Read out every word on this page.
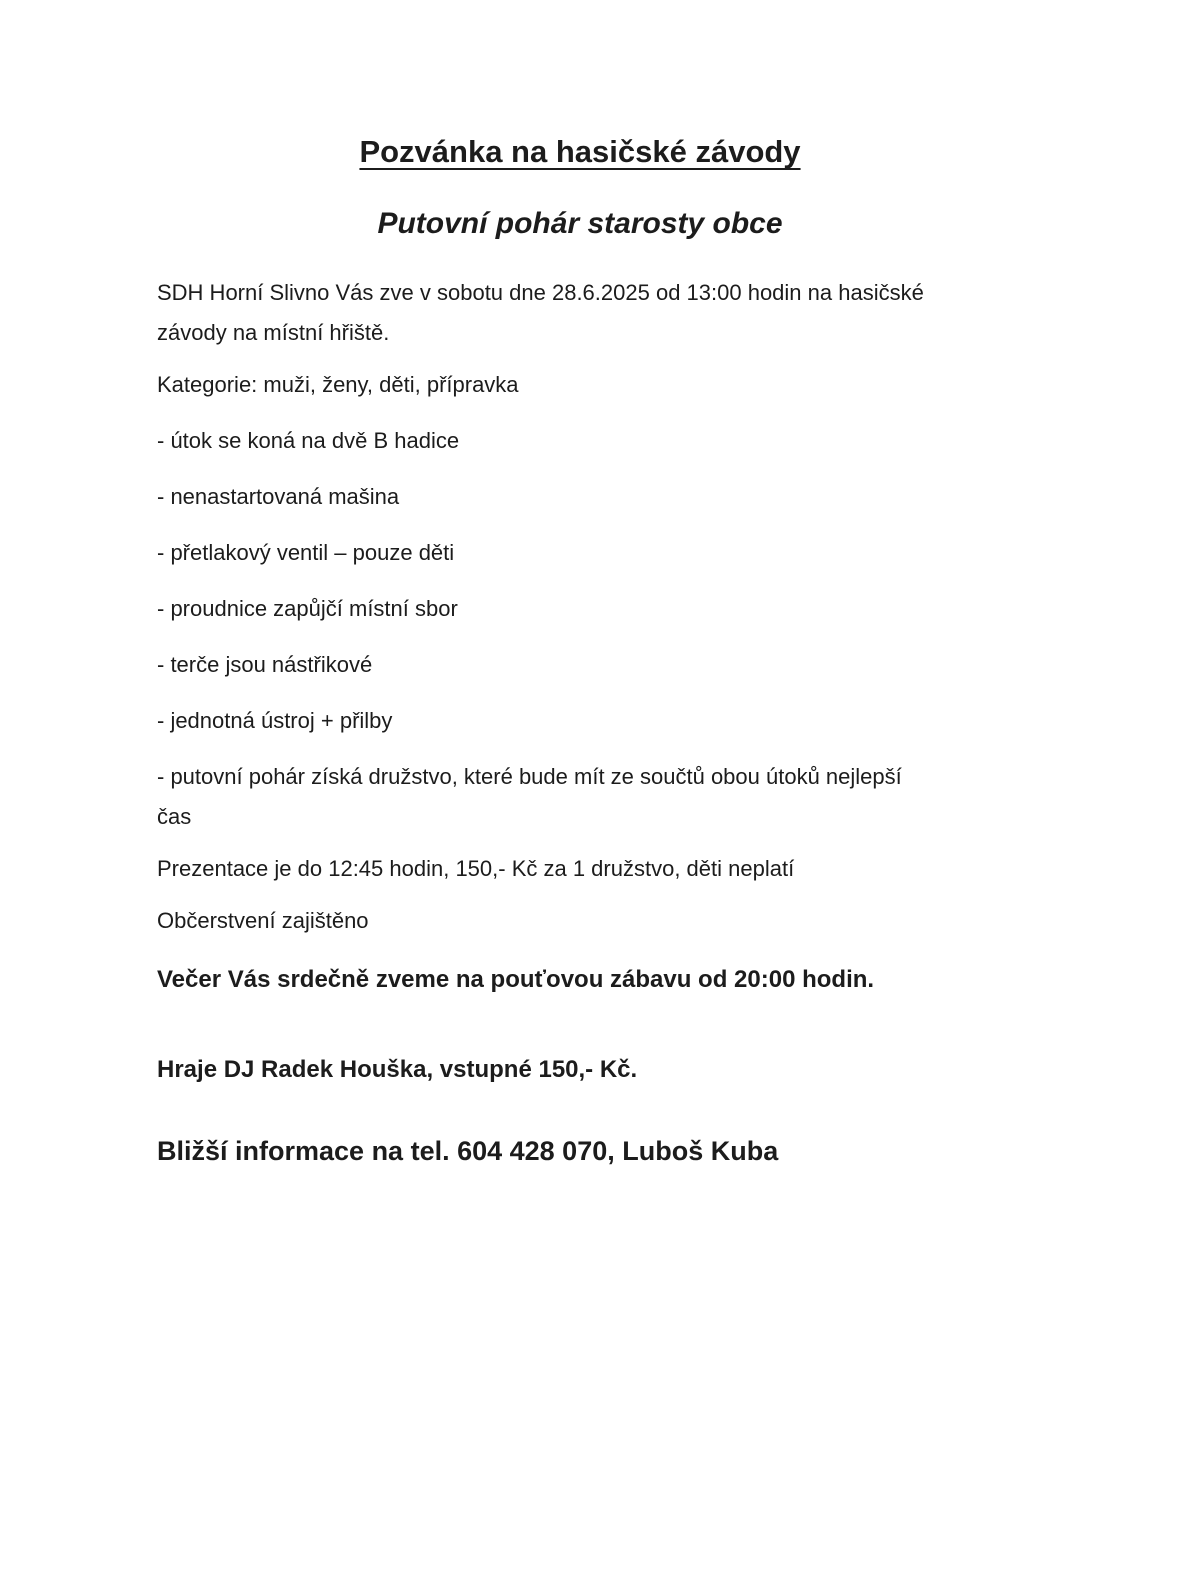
Pozvánka na hasičské závody
Putovní pohár starosty obce

SDH Horní Slivno Vás zve v sobotu dne 28.6.2025 od 13:00 hodin na hasičské
závody na místní hřiště.

Kategorie: muži, ženy, děti, přípravka

- útok se koná na dvě B hadice

- nenastartovaná mašina

- přetlakový ventil – pouze děti

- proudnice zapůjčí místní sbor

- terče jsou nástřikové

- jednotná ústroj + přilby

- putovní pohár získá družstvo, které bude mít ze součtů obou útoků nejlepší
čas

Prezentace je do 12:45 hodin, 150,- Kč za 1 družstvo, děti neplatí

Občerstvení zajištěno

Večer Vás srdečně zveme na pouťovou zábavu od 20:00 hodin.

Hraje DJ Radek Houška, vstupné 150,- Kč.

Bližší informace na tel. 604 428 070, Luboš Kuba
